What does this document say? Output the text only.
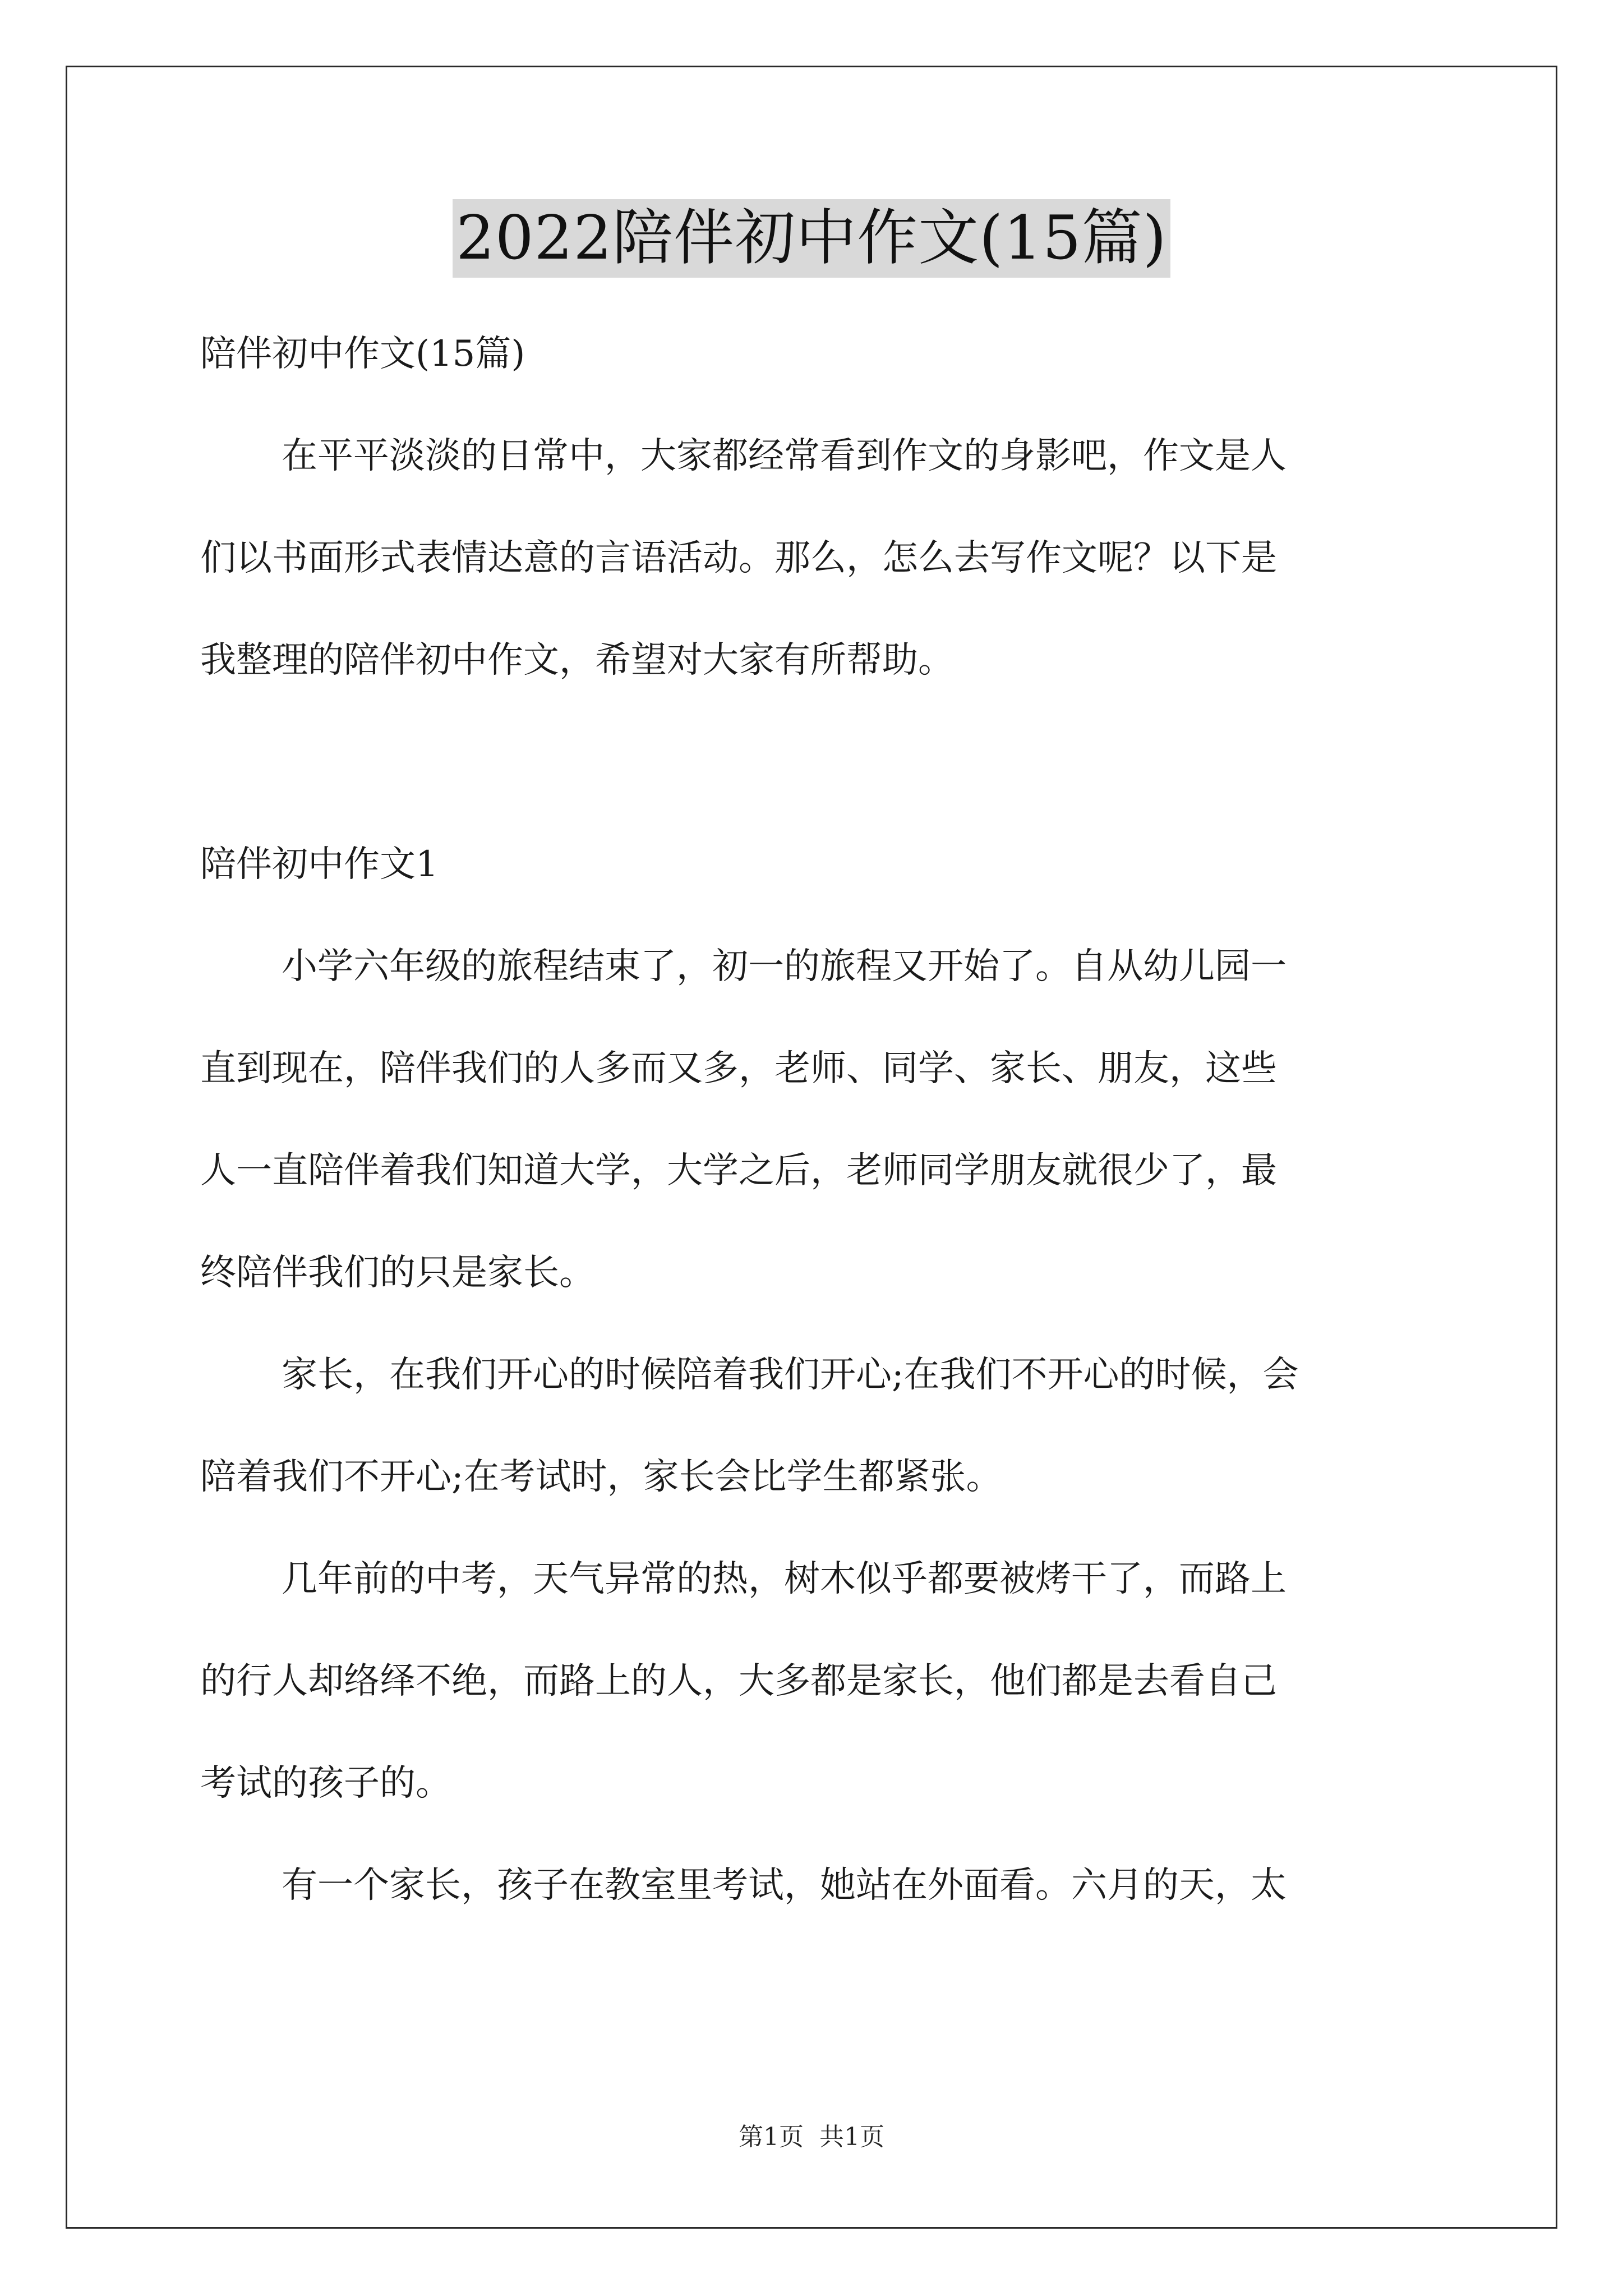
2022陪伴初中作文(15篇)
陪伴初中作文(15篇)
在平平淡淡的日常中，大家都经常看到作文的身影吧，作文是人
们以书面形式表情达意的言语活动。那么，怎么去写作文呢？以下是
我整理的陪伴初中作文，希望对大家有所帮助。
陪伴初中作文1
小学六年级的旅程结束了，初一的旅程又开始了。自从幼儿园一
直到现在，陪伴我们的人多而又多，老师、同学、家长、朋友，这些
人一直陪伴着我们知道大学，大学之后，老师同学朋友就很少了，最
终陪伴我们的只是家长。
家长，在我们开心的时候陪着我们开心;在我们不开心的时候，会
陪着我们不开心;在考试时，家长会比学生都紧张。
几年前的中考，天气异常的热，树木似乎都要被烤干了，而路上
的行人却络绎不绝，而路上的人，大多都是家长，他们都是去看自己
考试的孩子的。
有一个家长，孩子在教室里考试，她站在外面看。六月的天，太
第1页 共1页
